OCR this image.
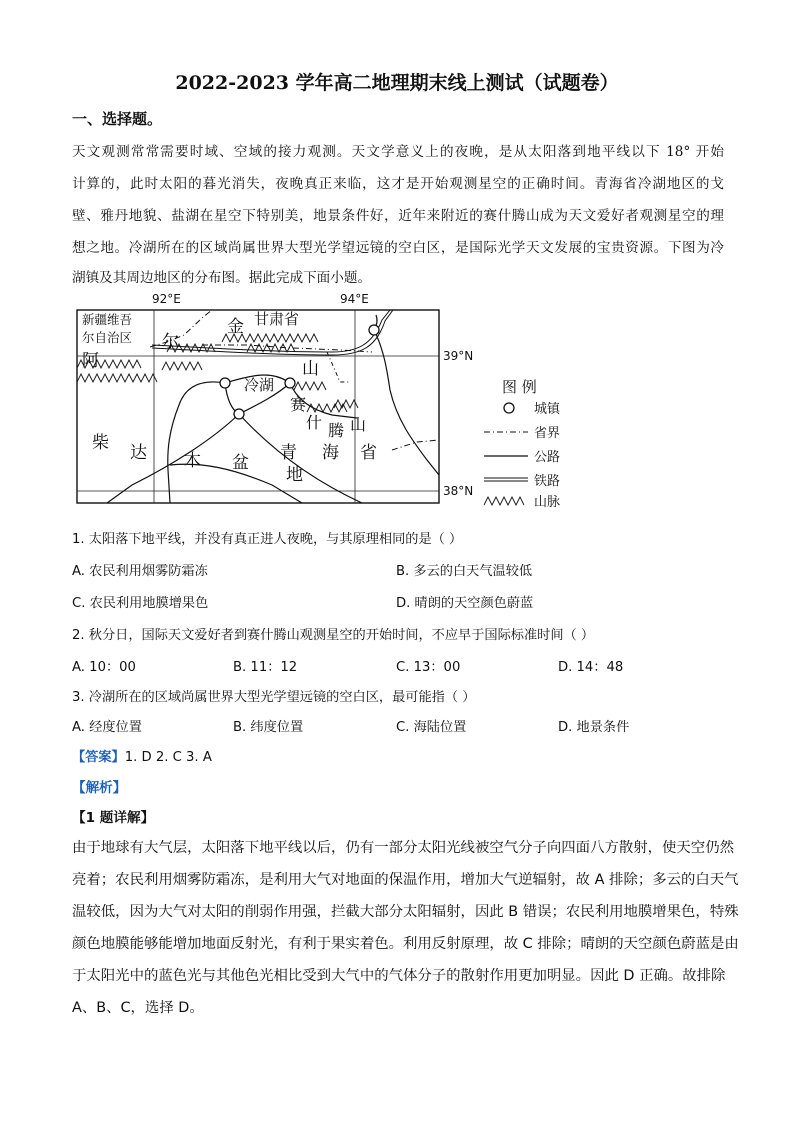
2022-2023 学年高二地理期末线上测试（试题卷）
一、选择题。
天文观测常常需要时域、空域的接力观测。天文学意义上的夜晚，是从太阳落到地平线以下 18° 开始
计算的，此时太阳的暮光消失，夜晚真正来临，这才是开始观测星空的正确时间。青海省冷湖地区的戈
壁、雅丹地貌、盐湖在星空下特别美，地景条件好，近年来附近的赛什腾山成为天文爱好者观测星空的理
想之地。冷湖所在的区域尚属世界大型光学望远镜的空白区，是国际光学天文发展的宝贵资源。下图为冷
湖镇及其周边地区的分布图。据此完成下面小题。
92°E	94°E
39°N
38°N
新疆维吾
尔自治区
甘肃省
阿
尔
金
山
冷湖
赛
什 腾 山
柴 达 木 盆
地
青 海 省
图 例
城镇
省界
公路
铁路
山脉
1. 太阳落下地平线，并没有真正进人夜晚，与其原理相同的是（ ）
A. 农民利用烟雾防霜冻	B. 多云的白天气温较低
C. 农民利用地膜增果色	D. 晴朗的天空颜色蔚蓝
2. 秋分日，国际天文爱好者到赛什腾山观测星空的开始时间，不应早于国际标准时间（ ）
A. 10：00	B. 11：12	C. 13：00	D. 14：48
3. 冷湖所在的区域尚属世界大型光学望远镜的空白区，最可能指（ ）
A. 经度位置	B. 纬度位置	C. 海陆位置	D. 地景条件
【答案】1. D 2. C 3. A
【解析】
【1 题详解】
由于地球有大气层，太阳落下地平线以后，仍有一部分太阳光线被空气分子向四面八方散射，使天空仍然
亮着；农民利用烟雾防霜冻，是利用大气对地面的保温作用，增加大气逆辐射，故 A 排除；多云的白天气
温较低，因为大气对太阳的削弱作用强，拦截大部分太阳辐射，因此 B 错误；农民利用地膜增果色，特殊
颜色地膜能够能增加地面反射光，有利于果实着色。利用反射原理，故 C 排除；晴朗的天空颜色蔚蓝是由
于太阳光中的蓝色光与其他色光相比受到大气中的气体分子的散射作用更加明显。因此 D 正确。故排除
A、B、C，选择 D。
